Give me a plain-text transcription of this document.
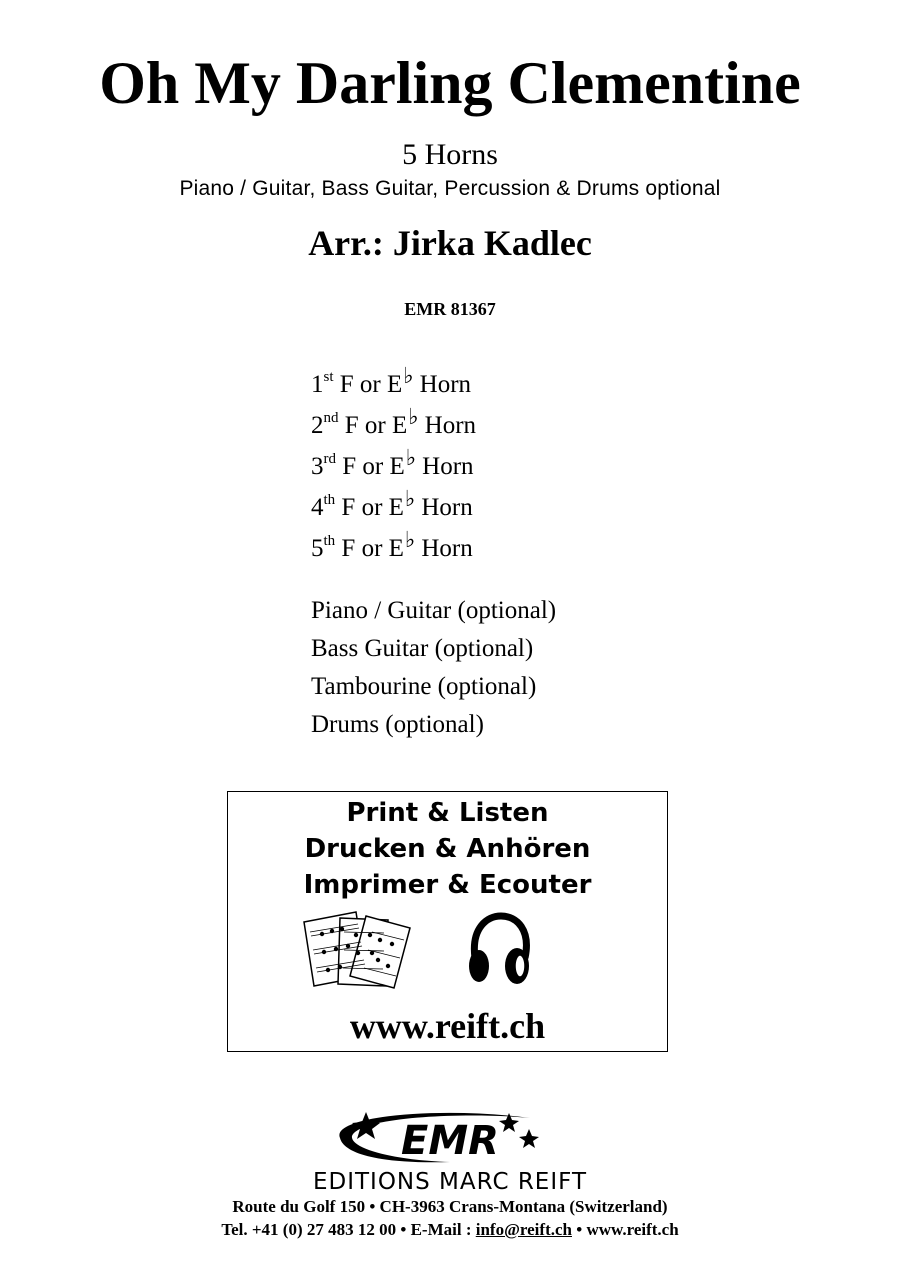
Oh My Darling Clementine
5 Horns
Piano / Guitar, Bass Guitar, Percussion & Drums optional
Arr.: Jirka Kadlec
EMR 81367
1st F or E♭ Horn
2nd F or E♭ Horn
3rd F or E♭ Horn
4th F or E♭ Horn
5th F or E♭ Horn
Piano / Guitar (optional)
Bass Guitar (optional)
Tambourine (optional)
Drums (optional)
Print & Listen
Drucken & Anhören
Imprimer & Ecouter
www.reift.ch
EMR
EDITIONS MARC REIFT
Route du Golf 150 • CH-3963 Crans-Montana (Switzerland)
Tel. +41 (0) 27 483 12 00 • E-Mail : info@reift.ch • www.reift.ch
